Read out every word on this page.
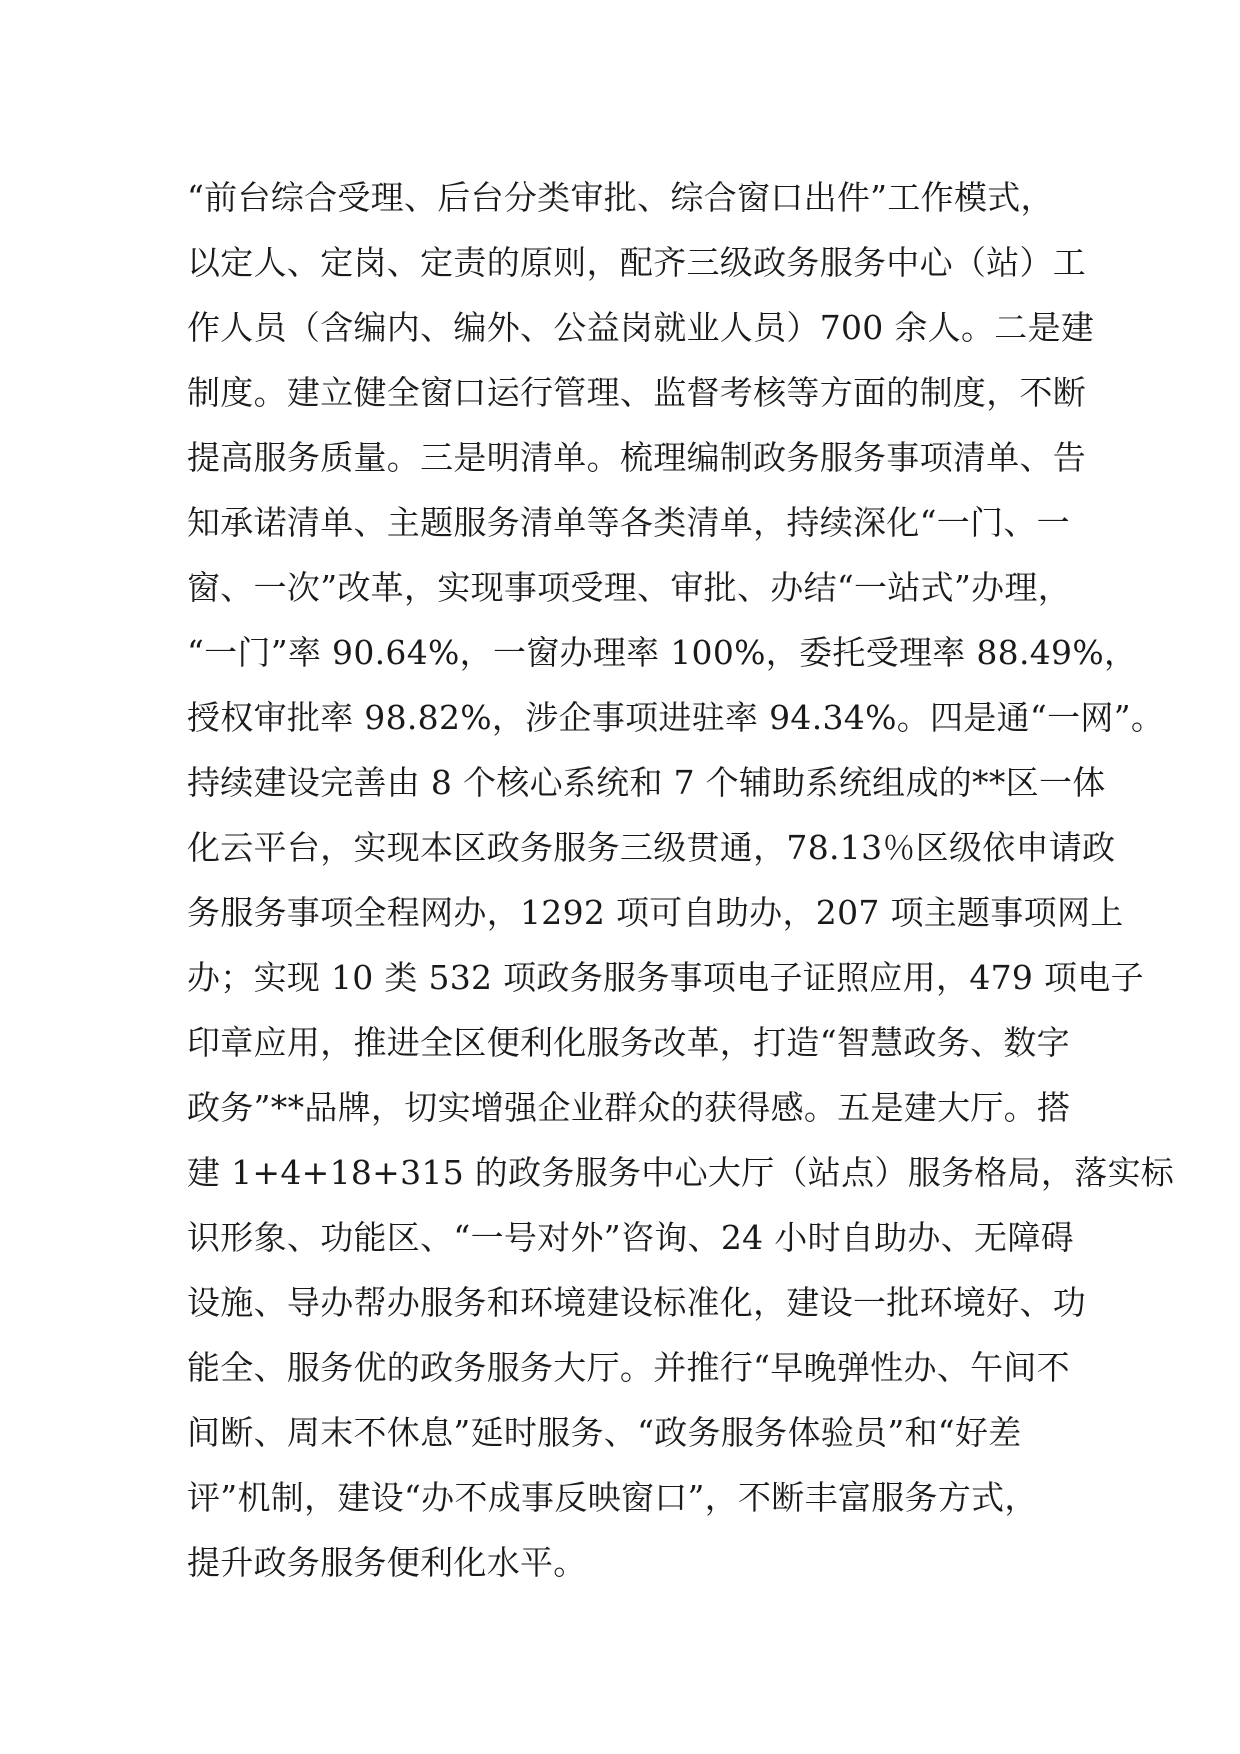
“前台综合受理、后台分类审批、综合窗口出件”工作模式，
以定人、定岗、定责的原则，配齐三级政务服务中心（站）工
作人员（含编内、编外、公益岗就业人员）700 余人。二是建
制度。建立健全窗口运行管理、监督考核等方面的制度，不断
提高服务质量。三是明清单。梳理编制政务服务事项清单、告
知承诺清单、主题服务清单等各类清单，持续深化“一门、一
窗、一次”改革，实现事项受理、审批、办结“一站式”办理，
“一门”率 90.64%，一窗办理率 100%，委托受理率 88.49%，
授权审批率 98.82%，涉企事项进驻率 94.34%。四是通“一网”。
持续建设完善由 8 个核心系统和 7 个辅助系统组成的**区一体
化云平台，实现本区政务服务三级贯通，78.13％区级依申请政
务服务事项全程网办，1292 项可自助办，207 项主题事项网上
办；实现 10 类 532 项政务服务事项电子证照应用，479 项电子
印章应用，推进全区便利化服务改革，打造“智慧政务、数字
政务”**品牌，切实增强企业群众的获得感。五是建大厅。搭
建 1+4+18+315 的政务服务中心大厅（站点）服务格局，落实标
识形象、功能区、“一号对外”咨询、24 小时自助办、无障碍
设施、导办帮办服务和环境建设标准化，建设一批环境好、功
能全、服务优的政务服务大厅。并推行“早晚弹性办、午间不
间断、周末不休息”延时服务、“政务服务体验员”和“好差
评”机制，建设“办不成事反映窗口”，不断丰富服务方式，
提升政务服务便利化水平。
